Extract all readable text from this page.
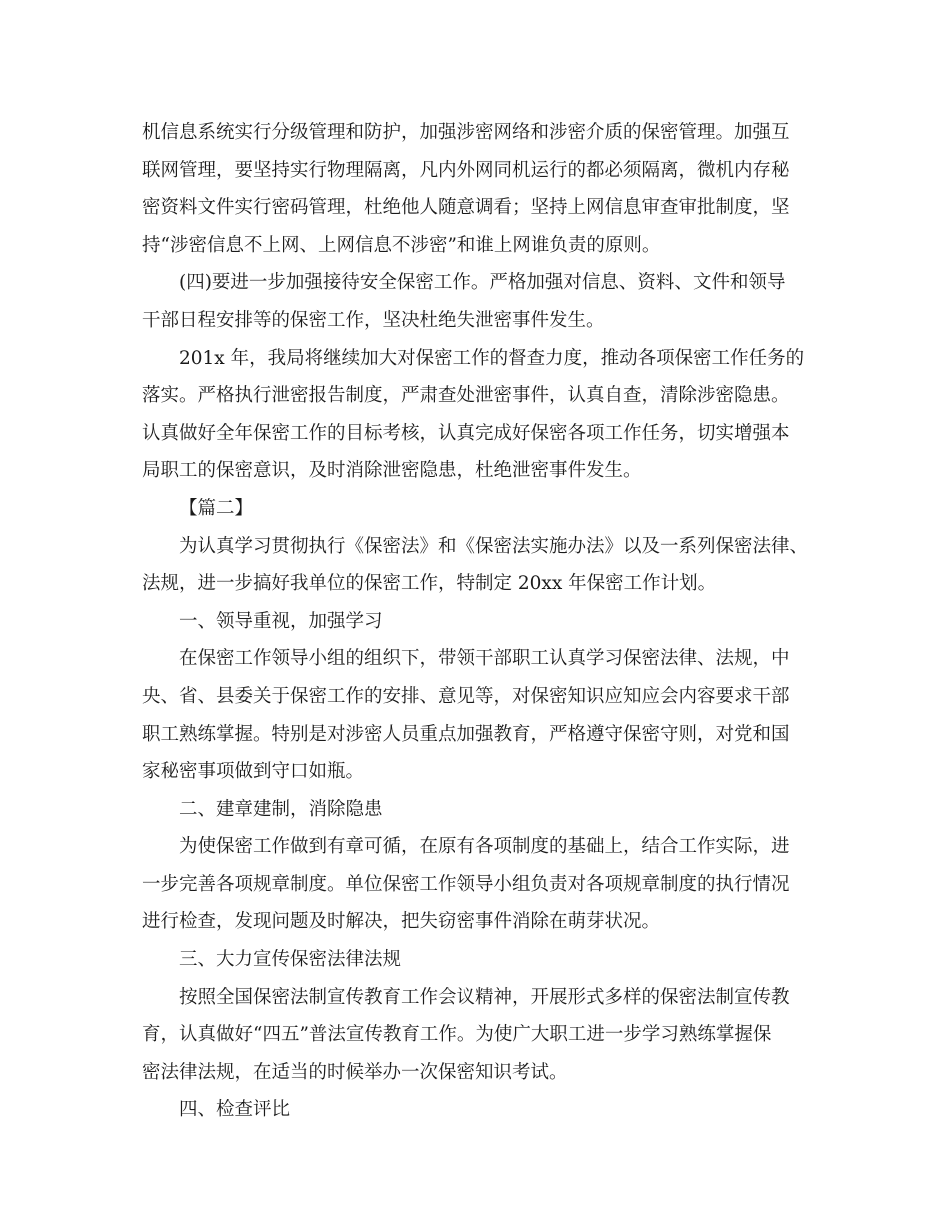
机信息系统实行分级管理和防护，加强涉密网络和涉密介质的保密管理。加强互
联网管理，要坚持实行物理隔离，凡内外网同机运行的都必须隔离，微机内存秘
密资料文件实行密码管理，杜绝他人随意调看；坚持上网信息审查审批制度，坚
持“涉密信息不上网、上网信息不涉密”和谁上网谁负责的原则。
(四)要进一步加强接待安全保密工作。严格加强对信息、资料、文件和领导
干部日程安排等的保密工作，坚决杜绝失泄密事件发生。
201x 年，我局将继续加大对保密工作的督查力度，推动各项保密工作任务的
落实。严格执行泄密报告制度，严肃查处泄密事件，认真自查，清除涉密隐患。
认真做好全年保密工作的目标考核，认真完成好保密各项工作任务，切实增强本
局职工的保密意识，及时消除泄密隐患，杜绝泄密事件发生。
【篇二】
为认真学习贯彻执行《保密法》和《保密法实施办法》以及一系列保密法律、
法规，进一步搞好我单位的保密工作，特制定 20xx 年保密工作计划。
一、领导重视，加强学习
在保密工作领导小组的组织下，带领干部职工认真学习保密法律、法规，中
央、省、县委关于保密工作的安排、意见等，对保密知识应知应会内容要求干部
职工熟练掌握。特别是对涉密人员重点加强教育，严格遵守保密守则，对党和国
家秘密事项做到守口如瓶。
二、建章建制，消除隐患
为使保密工作做到有章可循，在原有各项制度的基础上，结合工作实际，进
一步完善各项规章制度。单位保密工作领导小组负责对各项规章制度的执行情况
进行检查，发现问题及时解决，把失窃密事件消除在萌芽状况。
三、大力宣传保密法律法规
按照全国保密法制宣传教育工作会议精神，开展形式多样的保密法制宣传教
育，认真做好“四五”普法宣传教育工作。为使广大职工进一步学习熟练掌握保
密法律法规，在适当的时候举办一次保密知识考试。
四、检查评比
